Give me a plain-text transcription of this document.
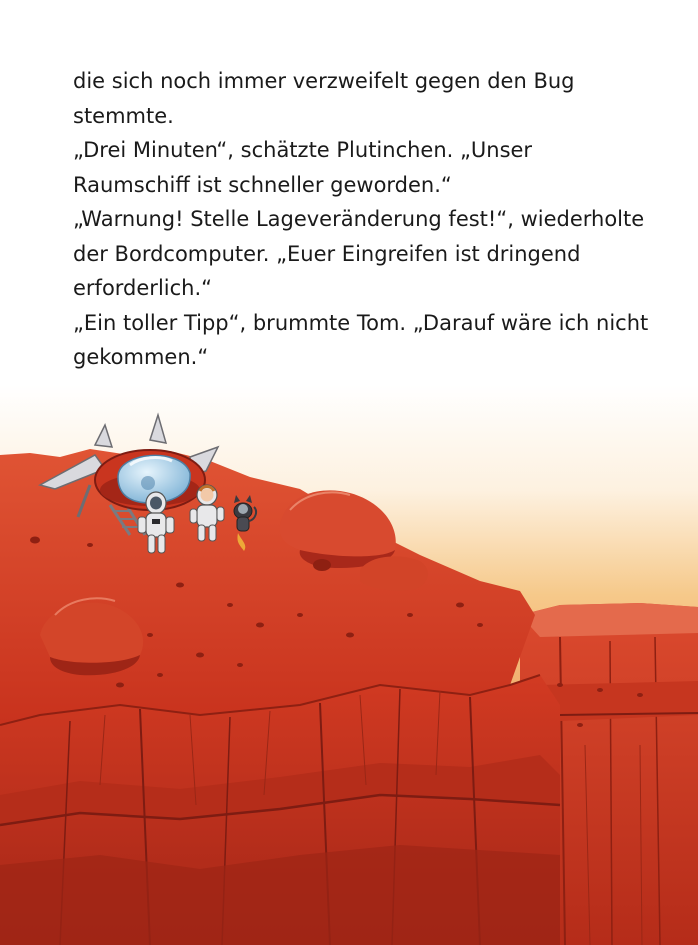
die sich noch immer verzweifelt gegen den Bug
stemmte.
„Drei Minuten“, schätzte Plutinchen. „Unser
Raumschiff ist schneller geworden.“
„Warnung! Stelle Lageveränderung fest!“, wiederholte
der Bordcomputer. „Euer Eingreifen ist dringend
erforderlich.“
„Ein toller Tipp“, brummte Tom. „Darauf wäre ich nicht
gekommen.“
